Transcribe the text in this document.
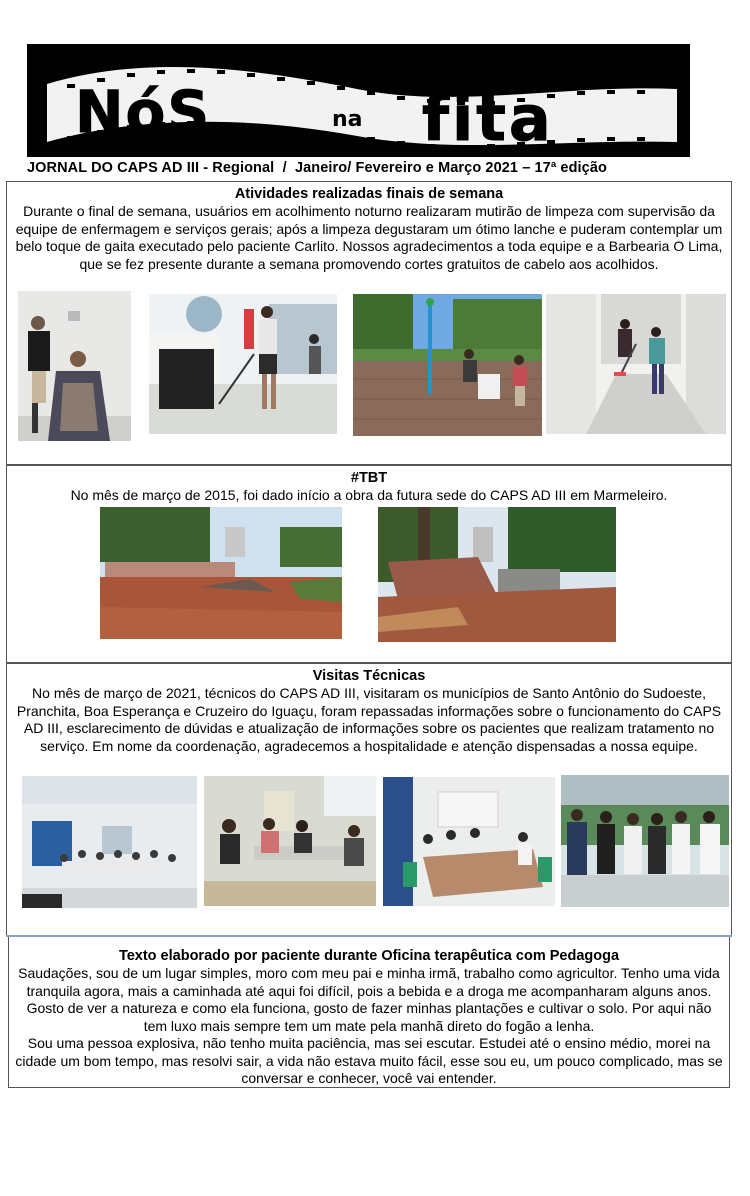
NóS	na fita
JORNAL DO CAPS AD III - Regional  /  Janeiro/ Fevereiro e Março 2021 – 17ª edição
Atividades realizadas finais de semana
Durante o final de semana, usuários em acolhimento noturno realizaram mutirão de limpeza com supervisão da equipe de enfermagem e serviços gerais; após a limpeza degustaram um ótimo lanche e puderam contemplar um belo toque de gaita executado pelo paciente Carlito. Nossos agradecimentos a toda equipe e a Barbearia O Lima, que se fez presente durante a semana promovendo cortes gratuitos de cabelo aos acolhidos.
#TBT
No mês de março de 2015, foi dado início a obra da futura sede do CAPS AD III em Marmeleiro.
Visitas Técnicas
No mês de março de 2021, técnicos do CAPS AD III, visitaram os municípios de Santo Antônio do Sudoeste, Pranchita, Boa Esperança e Cruzeiro do Iguaçu, foram repassadas informações sobre o funcionamento do CAPS AD III, esclarecimento de dúvidas e atualização de informações sobre os pacientes que realizam tratamento no serviço. Em nome da coordenação, agradecemos a hospitalidade e atenção dispensadas a nossa equipe.
Texto elaborado por paciente durante Oficina terapêutica com Pedagoga
Saudações, sou de um lugar simples, moro com meu pai e minha irmã, trabalho como agricultor. Tenho uma vida tranquila agora, mais a caminhada até aqui foi difícil, pois a bebida e a droga me acompanharam alguns anos. Gosto de ver a natureza e como ela funciona, gosto de fazer minhas plantações e cultivar o solo. Por aqui não tem luxo mais sempre tem um mate pela manhã direto do fogão a lenha.
Sou uma pessoa explosiva, não tenho muita paciência, mas sei escutar. Estudei até o ensino médio, morei na cidade um bom tempo, mas resolvi sair, a vida não estava muito fácil, esse sou eu, um pouco complicado, mas se conversar e conhecer, você vai entender.
